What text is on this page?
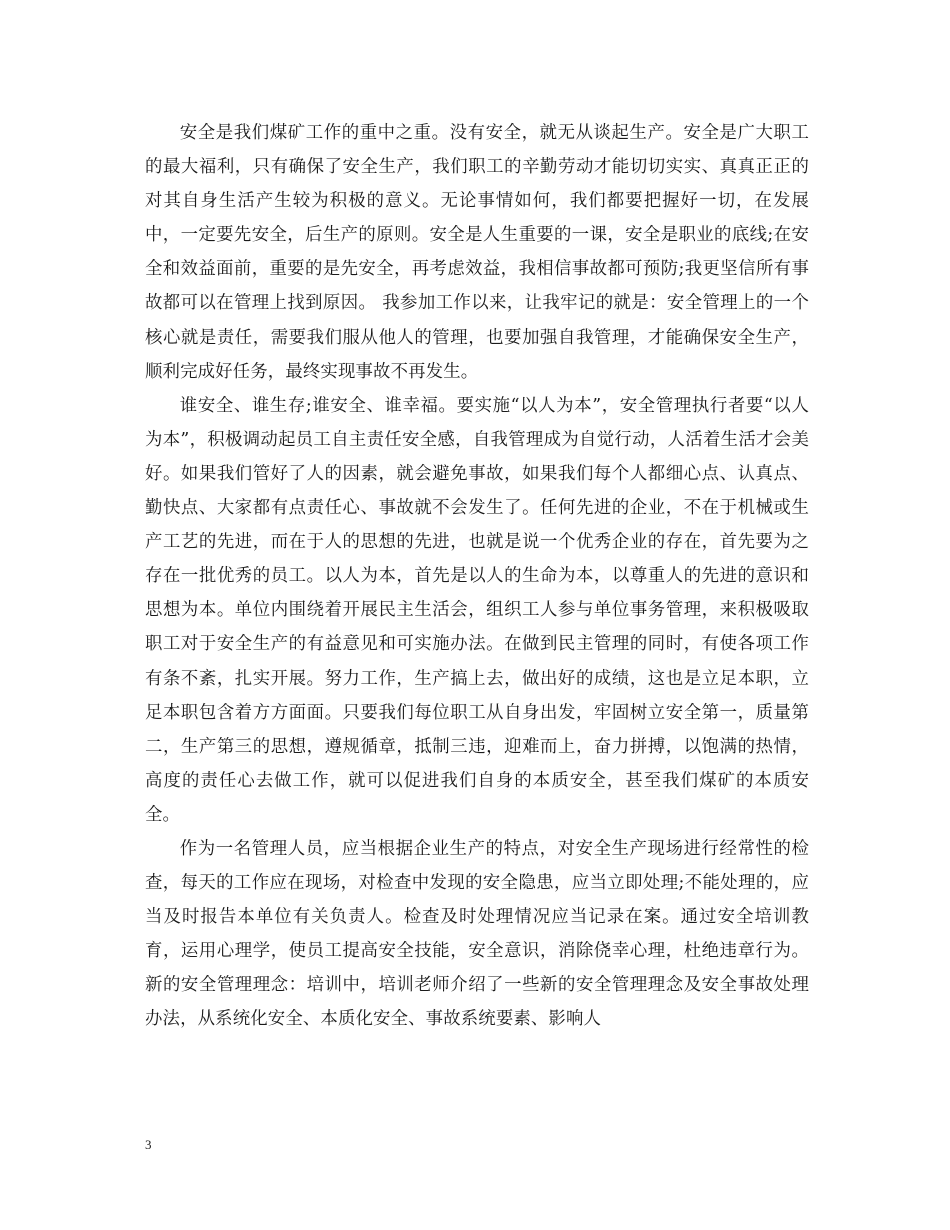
安全是我们煤矿工作的重中之重。没有安全，就无从谈起生产。安全是广大职工的最大福利，只有确保了安全生产，我们职工的辛勤劳动才能切切实实、真真正正的对其自身生活产生较为积极的意义。无论事情如何，我们都要把握好一切，在发展中，一定要先安全，后生产的原则。安全是人生重要的一课，安全是职业的底线;在安全和效益面前，重要的是先安全，再考虑效益，我相信事故都可预防;我更坚信所有事故都可以在管理上找到原因。 我参加工作以来，让我牢记的就是：安全管理上的一个核心就是责任，需要我们服从他人的管理，也要加强自我管理，才能确保安全生产，顺利完成好任务，最终实现事故不再发生。

谁安全、谁生存;谁安全、谁幸福。要实施“以人为本”，安全管理执行者要“以人为本”，积极调动起员工自主责任安全感，自我管理成为自觉行动，人活着生活才会美好。如果我们管好了人的因素，就会避免事故，如果我们每个人都细心点、认真点、勤快点、大家都有点责任心、事故就不会发生了。任何先进的企业，不在于机械或生产工艺的先进，而在于人的思想的先进，也就是说一个优秀企业的存在，首先要为之存在一批优秀的员工。以人为本，首先是以人的生命为本，以尊重人的先进的意识和思想为本。单位内围绕着开展民主生活会，组织工人参与单位事务管理，来积极吸取职工对于安全生产的有益意见和可实施办法。在做到民主管理的同时，有使各项工作有条不紊，扎实开展。努力工作，生产搞上去，做出好的成绩，这也是立足本职，立足本职包含着方方面面。只要我们每位职工从自身出发，牢固树立安全第一，质量第二，生产第三的思想，遵规循章，抵制三违，迎难而上，奋力拼搏，以饱满的热情，高度的责任心去做工作，就可以促进我们自身的本质安全，甚至我们煤矿的本质安全。

作为一名管理人员，应当根据企业生产的特点，对安全生产现场进行经常性的检查，每天的工作应在现场，对检查中发现的安全隐患，应当立即处理;不能处理的，应当及时报告本单位有关负责人。检查及时处理情况应当记录在案。通过安全培训教育，运用心理学，使员工提高安全技能，安全意识，消除侥幸心理，杜绝违章行为。新的安全管理理念：培训中，培训老师介绍了一些新的安全管理理念及安全事故处理办法，从系统化安全、本质化安全、事故系统要素、影响人

3
